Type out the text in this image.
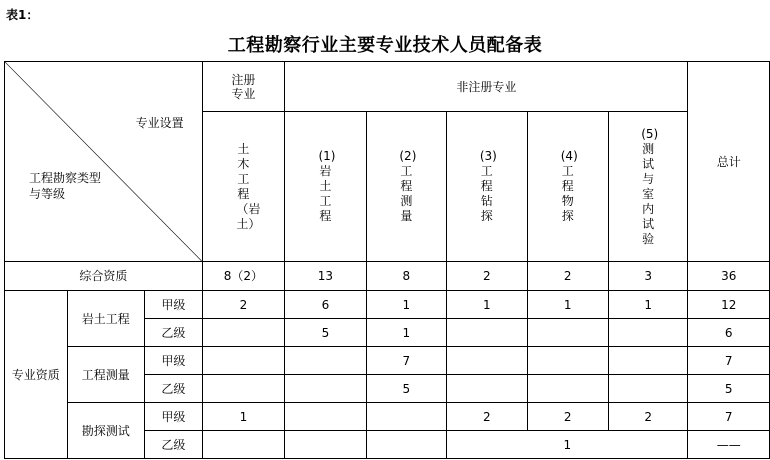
表1：
工程勘察行业主要专业技术人员配备表
专业设置
工程勘察类型
与等级			注册
专业	非注册专业					总计

			土木工程（岩土）	(1)岩土工程	(2)工程测量	(3)工程钻探	(4)工程物探	(5)测试与室内试验	

综合资质			8（2）	13	8	2	2	3	36
专业资质	岩土工程	甲级	2	6	1	1	1	1	12
		乙级		5	1				6
	工程测量	甲级			7				7
		乙级			5				5
	勘探测试	甲级	1			2	2	2	7
		乙级				1			——
